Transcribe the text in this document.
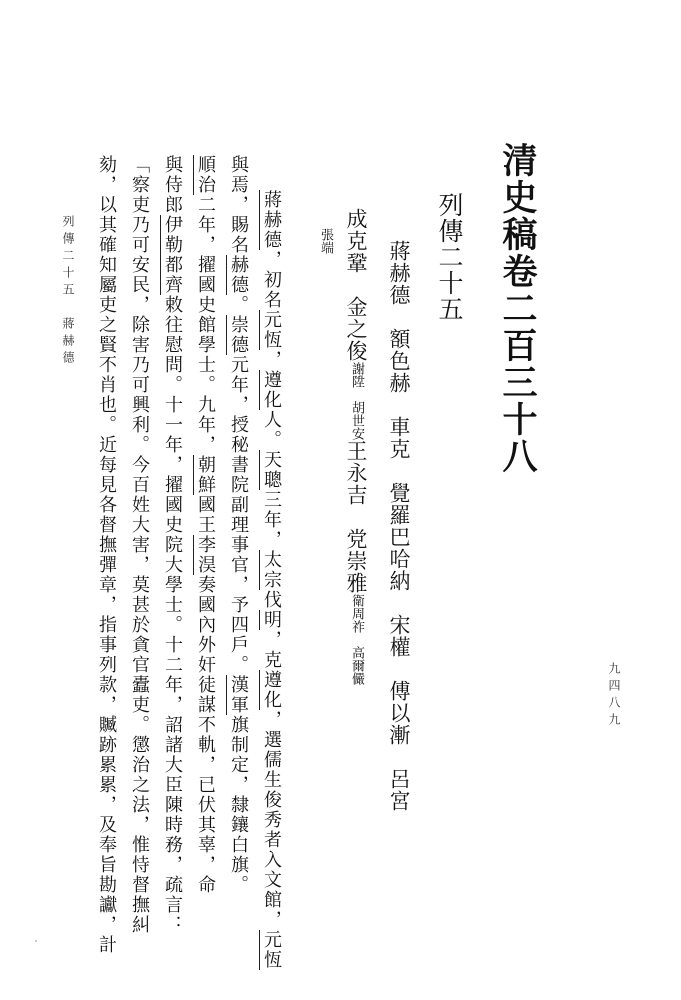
清史稿卷二百三十八
列傳二十五
蔣赫德　額色赫　車克　覺羅巴哈納　宋權　傅以漸　呂宮
成克鞏　金之俊謝陞　胡世安王永吉　党崇雅衛周祚　高爾儼
張端
蔣赫德，初名元恆，遵化人。天聰三年，太宗伐明，克遵化，選儒生俊秀者入文館，元恆
與焉，賜名赫德。崇德元年，授秘書院副理事官，予四戶。漢軍旗制定，隸鑲白旗。
順治二年，擢國史館學士。九年，朝鮮國王李淏奏國內外奸徒謀不軌，已伏其辜，命
與侍郎伊勒都齊敕往慰問。十一年，擢國史院大學士。十二年，詔諸大臣陳時務，疏言：
「察吏乃可安民，除害乃可興利。今百姓大害，莫甚於貪官蠹吏。懲治之法，惟恃督撫糾
劾，以其確知屬吏之賢不肖也。近每見各督撫彈章，指事列款，贓跡累累，及奉旨勘讞，計
列傳二十五　蔣赫德
九四八九
